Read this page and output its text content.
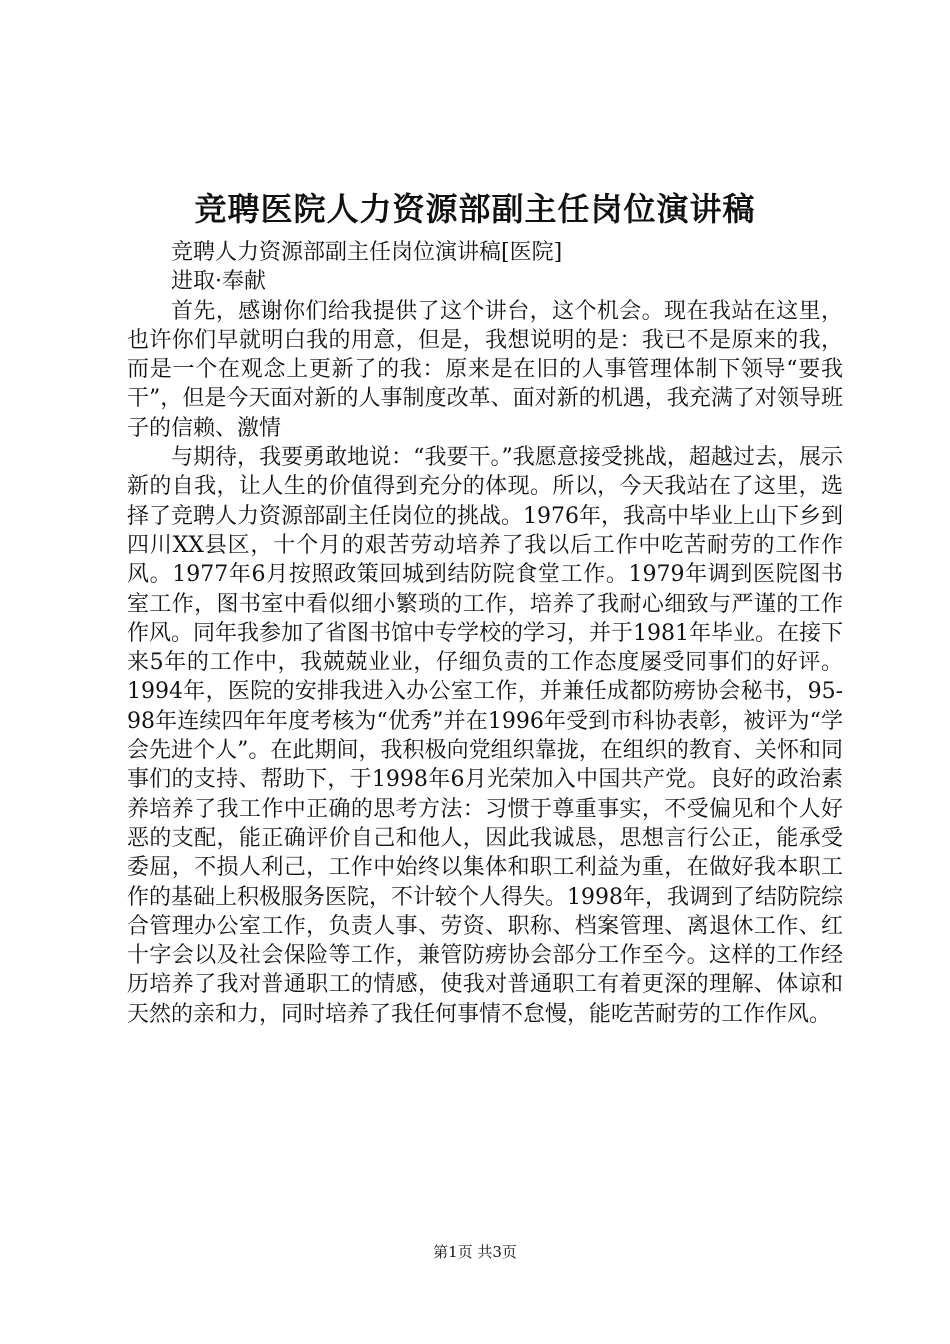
竞聘医院人力资源部副主任岗位演讲稿

竞聘人力资源部副主任岗位演讲稿[医院]

进取·奉献

首先，感谢你们给我提供了这个讲台，这个机会。现在我站在这里，也许你们早就明白我的用意，但是，我想说明的是：我已不是原来的我，而是一个在观念上更新了的我：原来是在旧的人事管理体制下领导“要我干”，但是今天面对新的人事制度改革、面对新的机遇，我充满了对领导班子的信赖、激情

与期待，我要勇敢地说：“我要干。”我愿意接受挑战，超越过去，展示新的自我，让人生的价值得到充分的体现。所以，今天我站在了这里，选择了竞聘人力资源部副主任岗位的挑战。1976年，我高中毕业上山下乡到四川XX县区，十个月的艰苦劳动培养了我以后工作中吃苦耐劳的工作作风。1977年6月按照政策回城到结防院食堂工作。1979年调到医院图书室工作，图书室中看似细小繁琐的工作，培养了我耐心细致与严谨的工作作风。同年我参加了省图书馆中专学校的学习，并于1981年毕业。在接下来5年的工作中，我兢兢业业，仔细负责的工作态度屡受同事们的好评。1994年，医院的安排我进入办公室工作，并兼任成都防痨协会秘书，95-98年连续四年年度考核为“优秀”并在1996年受到市科协表彰，被评为“学会先进个人”。在此期间，我积极向党组织靠拢，在组织的教育、关怀和同事们的支持、帮助下，于1998年6月光荣加入中国共产党。良好的政治素养培养了我工作中正确的思考方法：习惯于尊重事实，不受偏见和个人好恶的支配，能正确评价自己和他人，因此我诚恳，思想言行公正，能承受委屈，不损人利己，工作中始终以集体和职工利益为重，在做好我本职工作的基础上积极服务医院，不计较个人得失。1998年，我调到了结防院综合管理办公室工作，负责人事、劳资、职称、档案管理、离退休工作、红十字会以及社会保险等工作，兼管防痨协会部分工作至今。这样的工作经历培养了我对普通职工的情感，使我对普通职工有着更深的理解、体谅和天然的亲和力，同时培养了我任何事情不怠慢，能吃苦耐劳的工作作风。

第1页 共3页
